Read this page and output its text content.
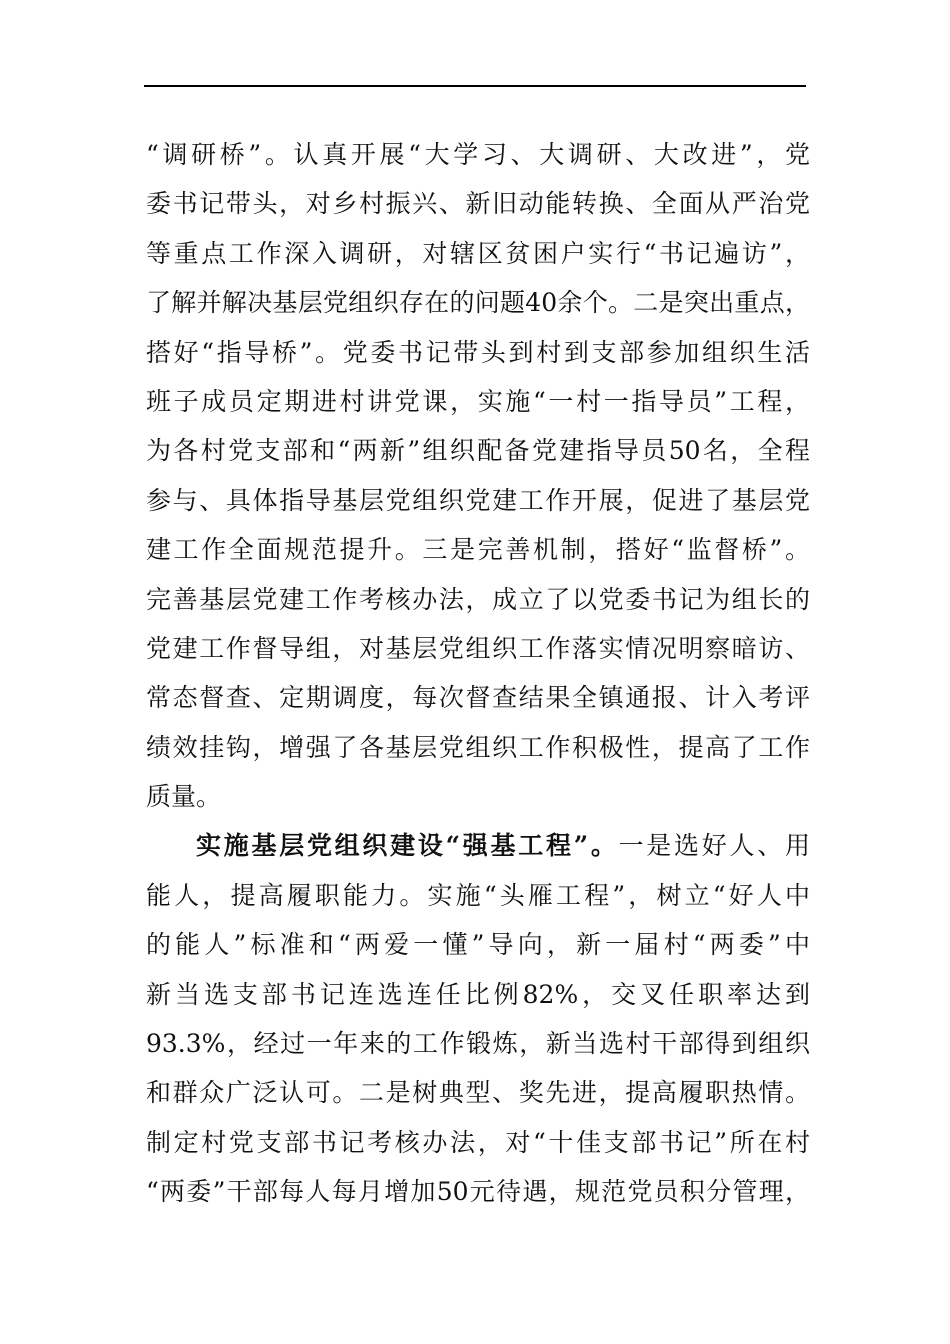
“调研桥”。认真开展“大学习、大调研、大改进”，党
委书记带头，对乡村振兴、新旧动能转换、全面从严治党
等重点工作深入调研，对辖区贫困户实行“书记遍访”，
了解并解决基层党组织存在的问题40余个。二是突出重点，
搭好“指导桥”。党委书记带头到村到支部参加组织生活
班子成员定期进村讲党课，实施“一村一指导员”工程，
为各村党支部和“两新”组织配备党建指导员50名，全程
参与、具体指导基层党组织党建工作开展，促进了基层党
建工作全面规范提升。三是完善机制，搭好“监督桥”。
完善基层党建工作考核办法，成立了以党委书记为组长的
党建工作督导组，对基层党组织工作落实情况明察暗访、
常态督查、定期调度，每次督查结果全镇通报、计入考评
绩效挂钩，增强了各基层党组织工作积极性，提高了工作
质量。
实施基层党组织建设“强基工程”。一是选好人、用
能人，提高履职能力。实施“头雁工程”，树立“好人中
的能人”标准和“两爱一懂”导向，新一届村“两委”中
新当选支部书记连选连任比例82%，交叉任职率达到
93.3%，经过一年来的工作锻炼，新当选村干部得到组织
和群众广泛认可。二是树典型、奖先进，提高履职热情。
制定村党支部书记考核办法，对“十佳支部书记”所在村
“两委”干部每人每月增加50元待遇，规范党员积分管理，
